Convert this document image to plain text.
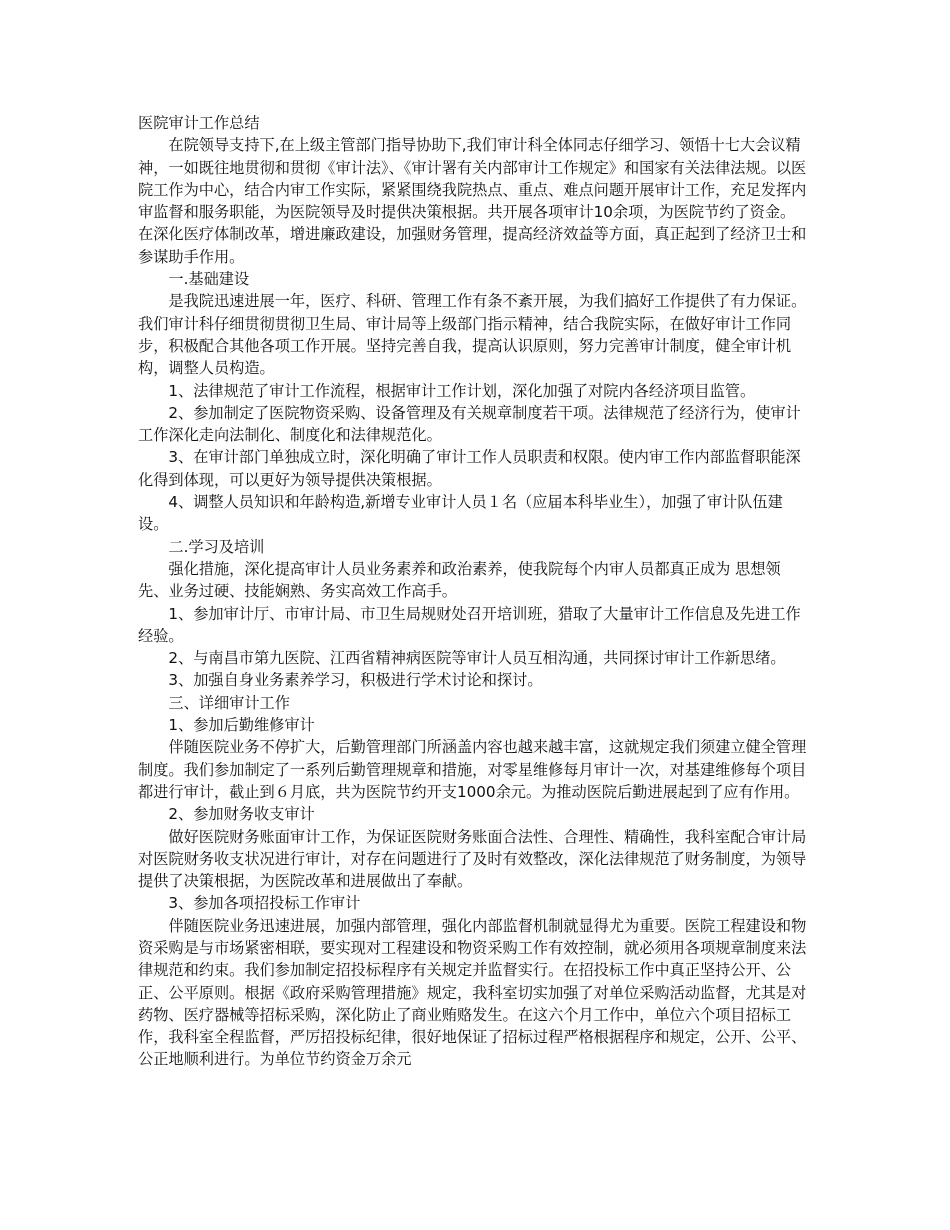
医院审计工作总结

在院领导支持下,在上级主管部门指导协助下,我们审计科全体同志仔细学习、领悟十七大会议精神，一如既往地贯彻和贯彻《审计法》、《审计署有关内部审计工作规定》和国家有关法律法规。以医院工作为中心，结合内审工作实际，紧紧围绕我院热点、重点、难点问题开展审计工作，充足发挥内审监督和服务职能，为医院领导及时提供决策根据。共开展各项审计10余项，为医院节约了资金。在深化医疗体制改革，增进廉政建设，加强财务管理，提高经济效益等方面，真正起到了经济卫士和参谋助手作用。

一.基础建设

是我院迅速进展一年，医疗、科研、管理工作有条不紊开展，为我们搞好工作提供了有力保证。我们审计科仔细贯彻贯彻卫生局、审计局等上级部门指示精神，结合我院实际，在做好审计工作同步，积极配合其他各项工作开展。坚持完善自我，提高认识原则，努力完善审计制度，健全审计机构，调整人员构造。

1、法律规范了审计工作流程，根据审计工作计划，深化加强了对院内各经济项目监管。

2、参加制定了医院物资采购、设备管理及有关规章制度若干项。法律规范了经济行为，使审计工作深化走向法制化、制度化和法律规范化。

3、在审计部门单独成立时，深化明确了审计工作人员职责和权限。使内审工作内部监督职能深化得到体现，可以更好为领导提供决策根据。

4、调整人员知识和年龄构造,新增专业审计人员１名（应届本科毕业生），加强了审计队伍建设。

二.学习及培训

强化措施，深化提高审计人员业务素养和政治素养，使我院每个内审人员都真正成为 思想领先、业务过硬、技能娴熟、务实高效工作高手。

1、参加审计厅、市审计局、市卫生局规财处召开培训班，猎取了大量审计工作信息及先进工作经验。

2、与南昌市第九医院、江西省精神病医院等审计人员互相沟通，共同探讨审计工作新思绪。

3、加强自身业务素养学习，积极进行学术讨论和探讨。

三、详细审计工作

1、参加后勤维修审计

伴随医院业务不停扩大，后勤管理部门所涵盖内容也越来越丰富，这就规定我们须建立健全管理制度。我们参加制定了一系列后勤管理规章和措施，对零星维修每月审计一次，对基建维修每个项目都进行审计，截止到６月底，共为医院节约开支1000余元。为推动医院后勤进展起到了应有作用。

2、参加财务收支审计

做好医院财务账面审计工作，为保证医院财务账面合法性、合理性、精确性，我科室配合审计局对医院财务收支状况进行审计，对存在问题进行了及时有效整改，深化法律规范了财务制度，为领导提供了决策根据，为医院改革和进展做出了奉献。

3、参加各项招投标工作审计

伴随医院业务迅速进展，加强内部管理，强化内部监督机制就显得尤为重要。医院工程建设和物资采购是与市场紧密相联，要实现对工程建设和物资采购工作有效控制，就必须用各项规章制度来法律规范和约束。我们参加制定招投标程序有关规定并监督实行。在招投标工作中真正坚持公开、公正、公平原则。根据《政府采购管理措施》规定，我科室切实加强了对单位采购活动监督，尤其是对药物、医疗器械等招标采购，深化防止了商业贿赂发生。在这六个月工作中，单位六个项目招标工作，我科室全程监督，严厉招投标纪律，很好地保证了招标过程严格根据程序和规定，公开、公平、公正地顺利进行。为单位节约资金万余元
